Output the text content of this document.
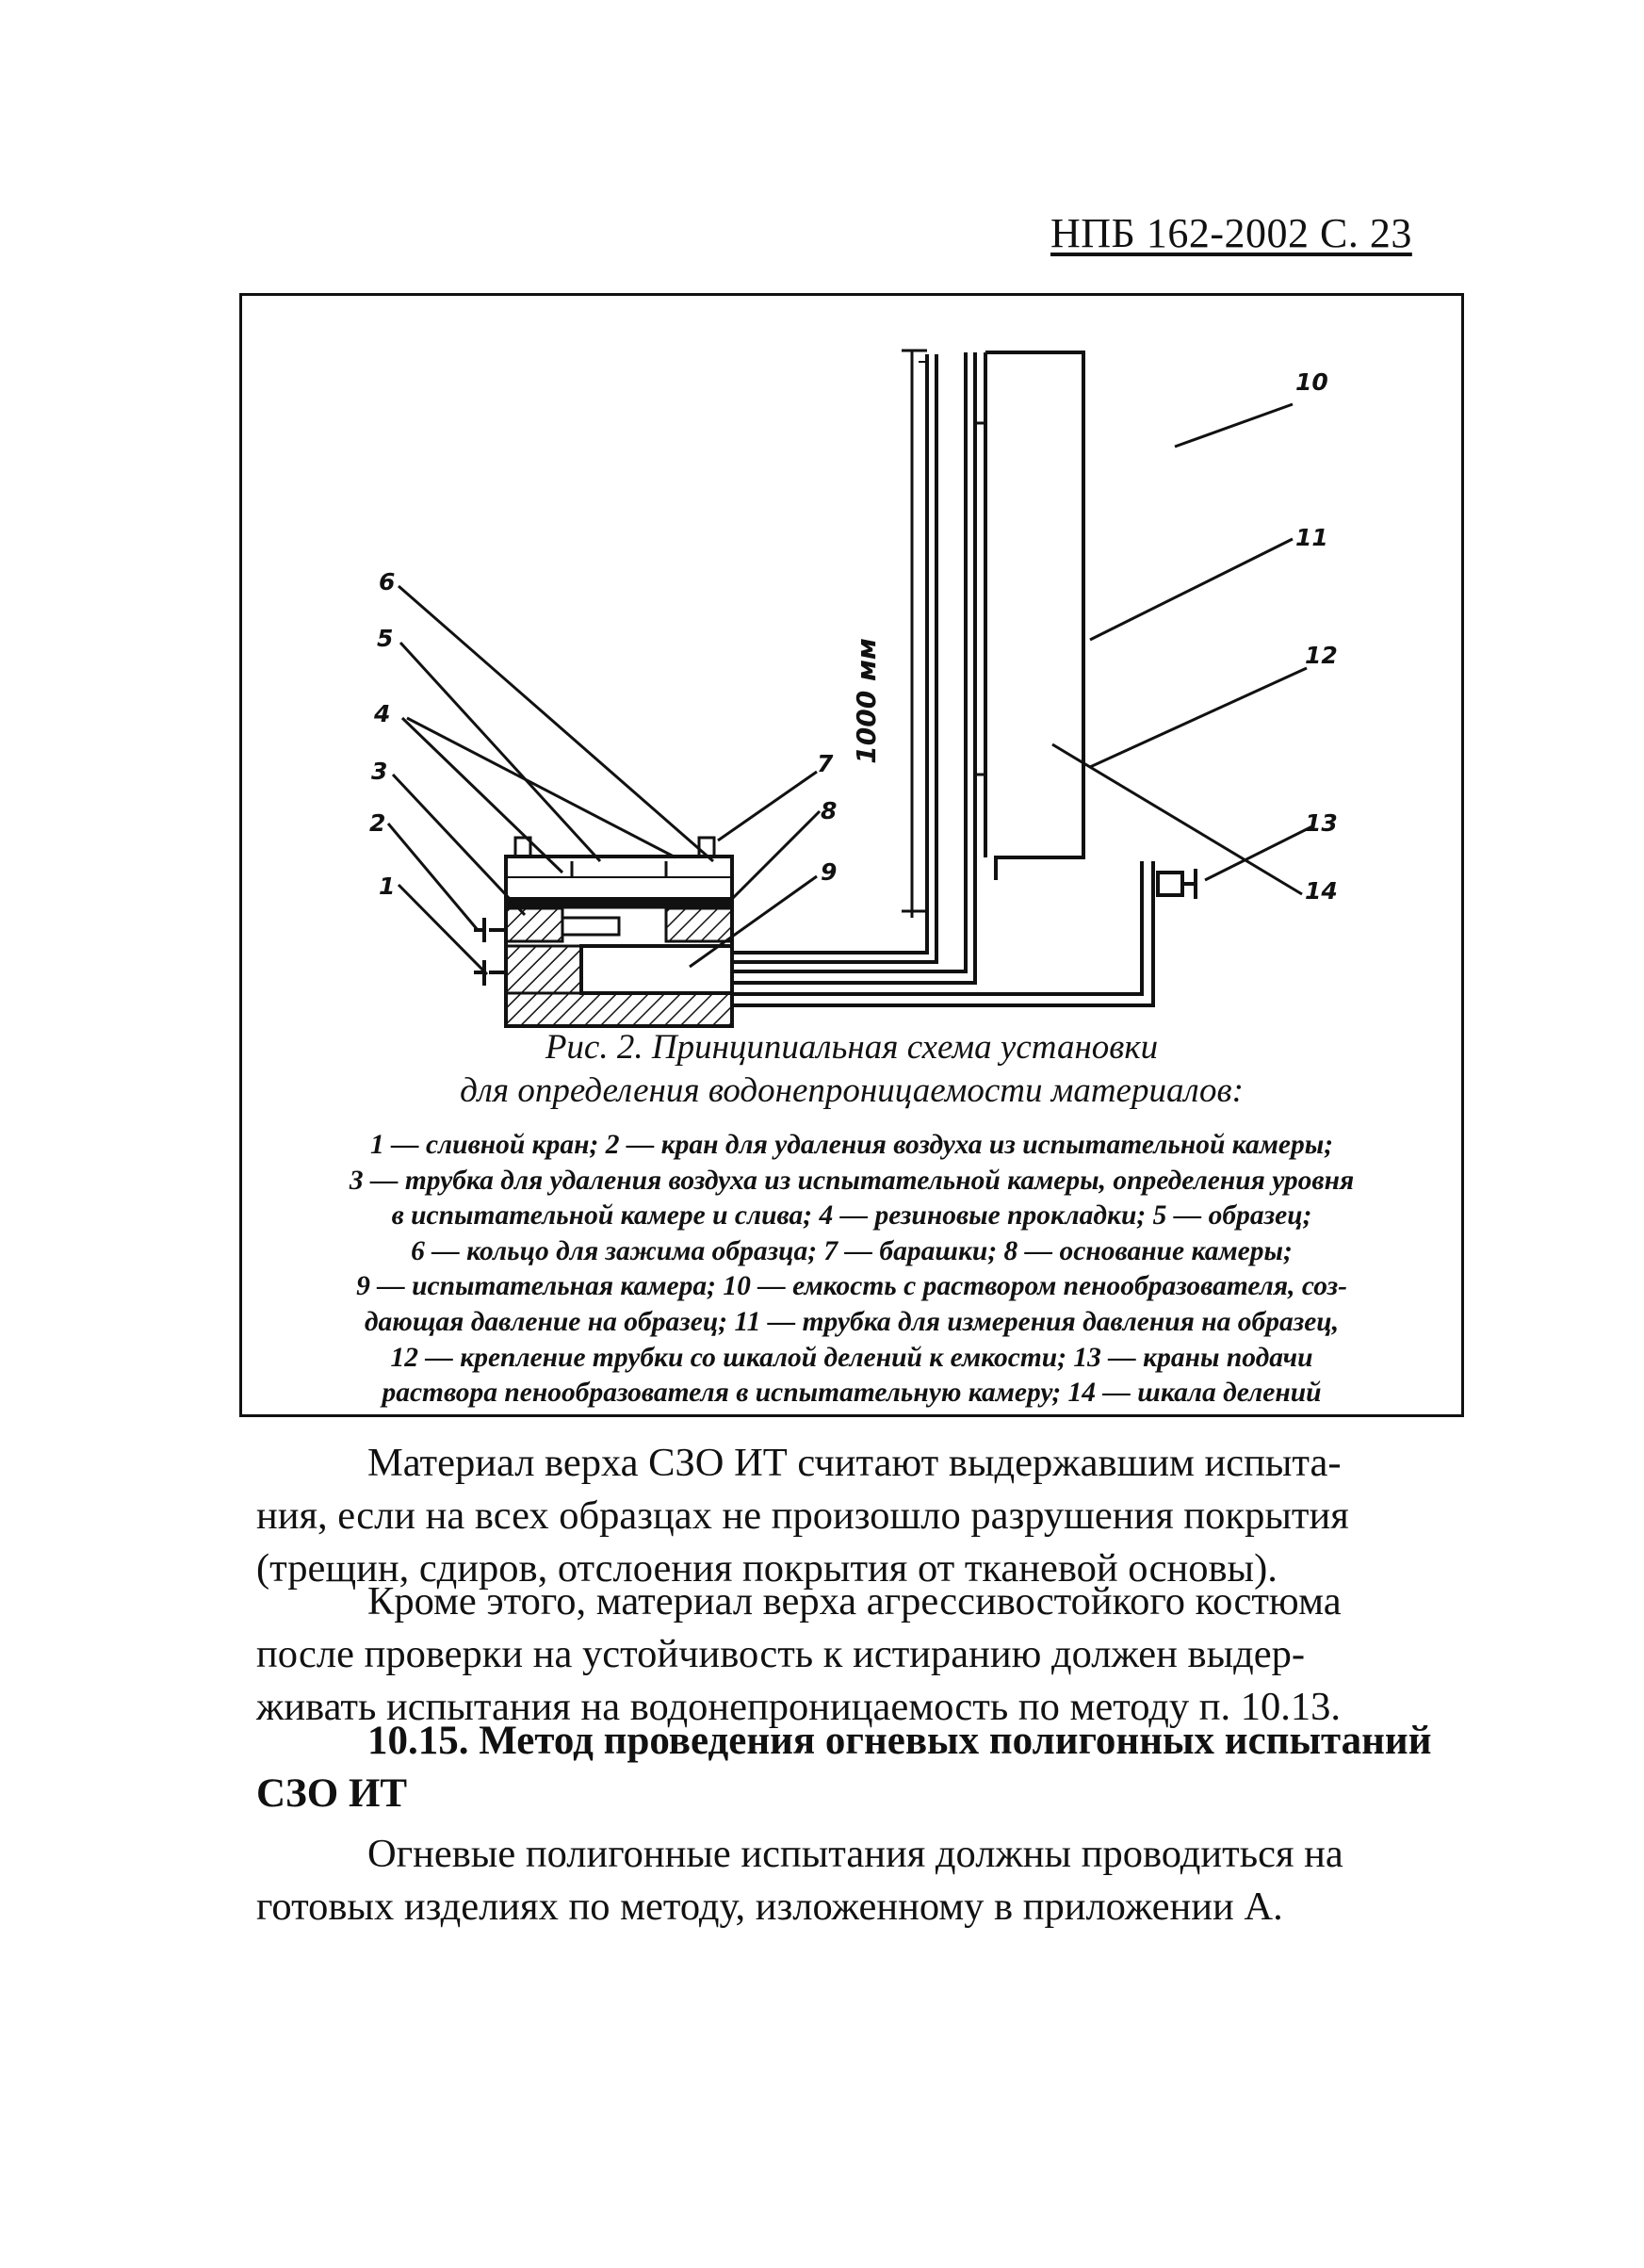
НПБ 162-2002 С. 23
1000 мм
1
2
3
4
5
6
7
8
9
10
11
12
13
14
Рис. 2. Принципиальная схема установки
для определения водонепроницаемости материалов:
1 — сливной кран; 2 — кран для удаления воздуха из испытательной камеры;
3 — трубка для удаления воздуха из испытательной камеры, определения уровня
в испытательной камере и слива; 4 — резиновые прокладки; 5 — образец;
6 — кольцо для зажима образца; 7 — барашки; 8 — основание камеры;
9 — испытательная камера; 10 — емкость с раствором пенообразователя, соз-
дающая давление на образец; 11 — трубка для измерения давления на образец,
12 — крепление трубки со шкалой делений к емкости; 13 — краны подачи
раствора пенообразователя в испытательную камеру; 14 — шкала делений

Материал верха СЗО ИТ считают выдержавшим испыта-
ния, если на всех образцах не произошло разрушения покрытия
(трещин, сдиров, отслоения покрытия от тканевой основы).

Кроме этого, материал верха агрессивостойкого костюма
после проверки на устойчивость к истиранию должен выдер-
живать испытания на водонепроницаемость по методу п. 10.13.

10.15. Метод проведения огневых полигонных испытаний
СЗО ИТ

Огневые полигонные испытания должны проводиться на
готовых изделиях по методу, изложенному в приложении А.
